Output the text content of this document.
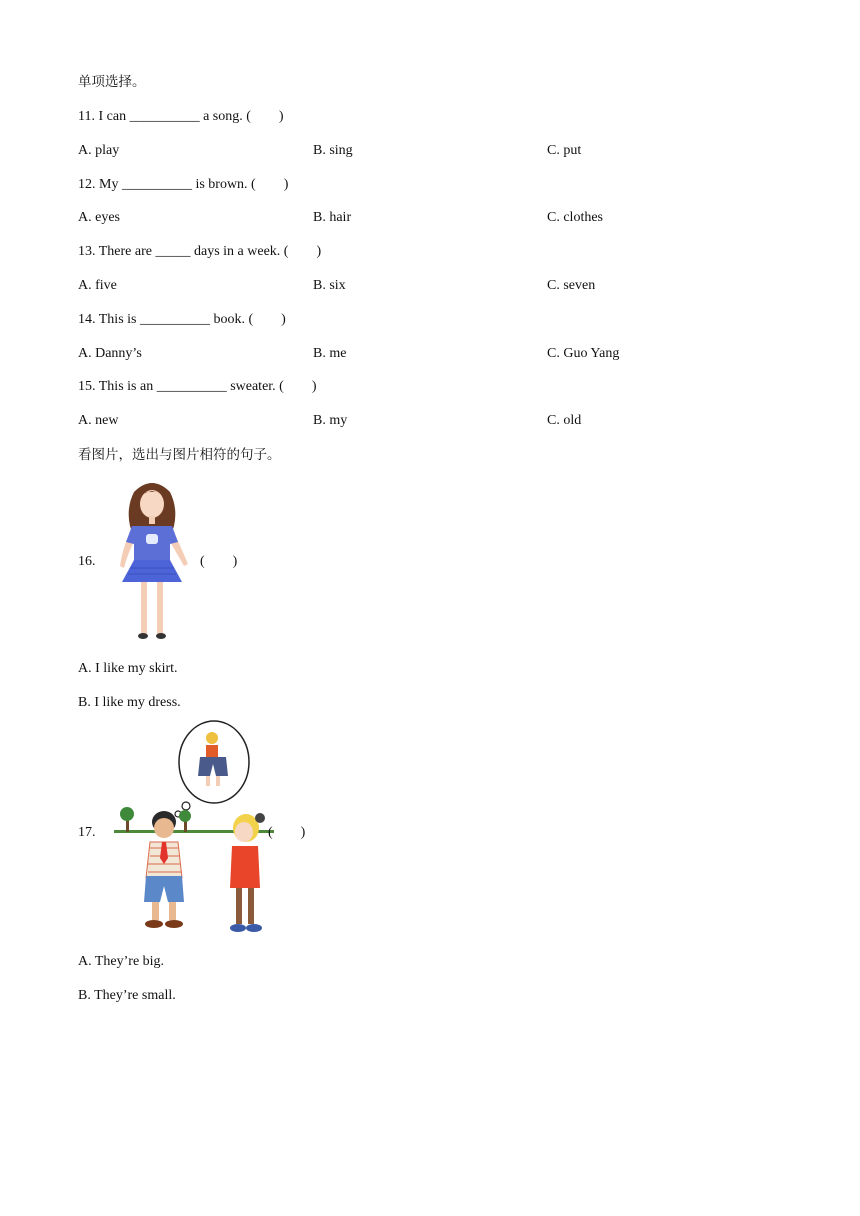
单项选择。
11. I can __________ a song. (        )
A. play	B. sing	C. put
12. My __________ is brown. (        )
A. eyes	B. hair	C. clothes
13. There are _____ days in a week. (        )
A. five	B. six	C. seven
14. This is __________ book. (        )
A. Danny’s	B. me	C. Guo Yang
15. This is an __________ sweater. (        )
A. new	B. my	C. old
看图片，选出与图片相符的句子。
16.	(        )
A. I like my skirt.
B. I like my dress.
17.	(        )
A. They’re big.
B. They’re small.
